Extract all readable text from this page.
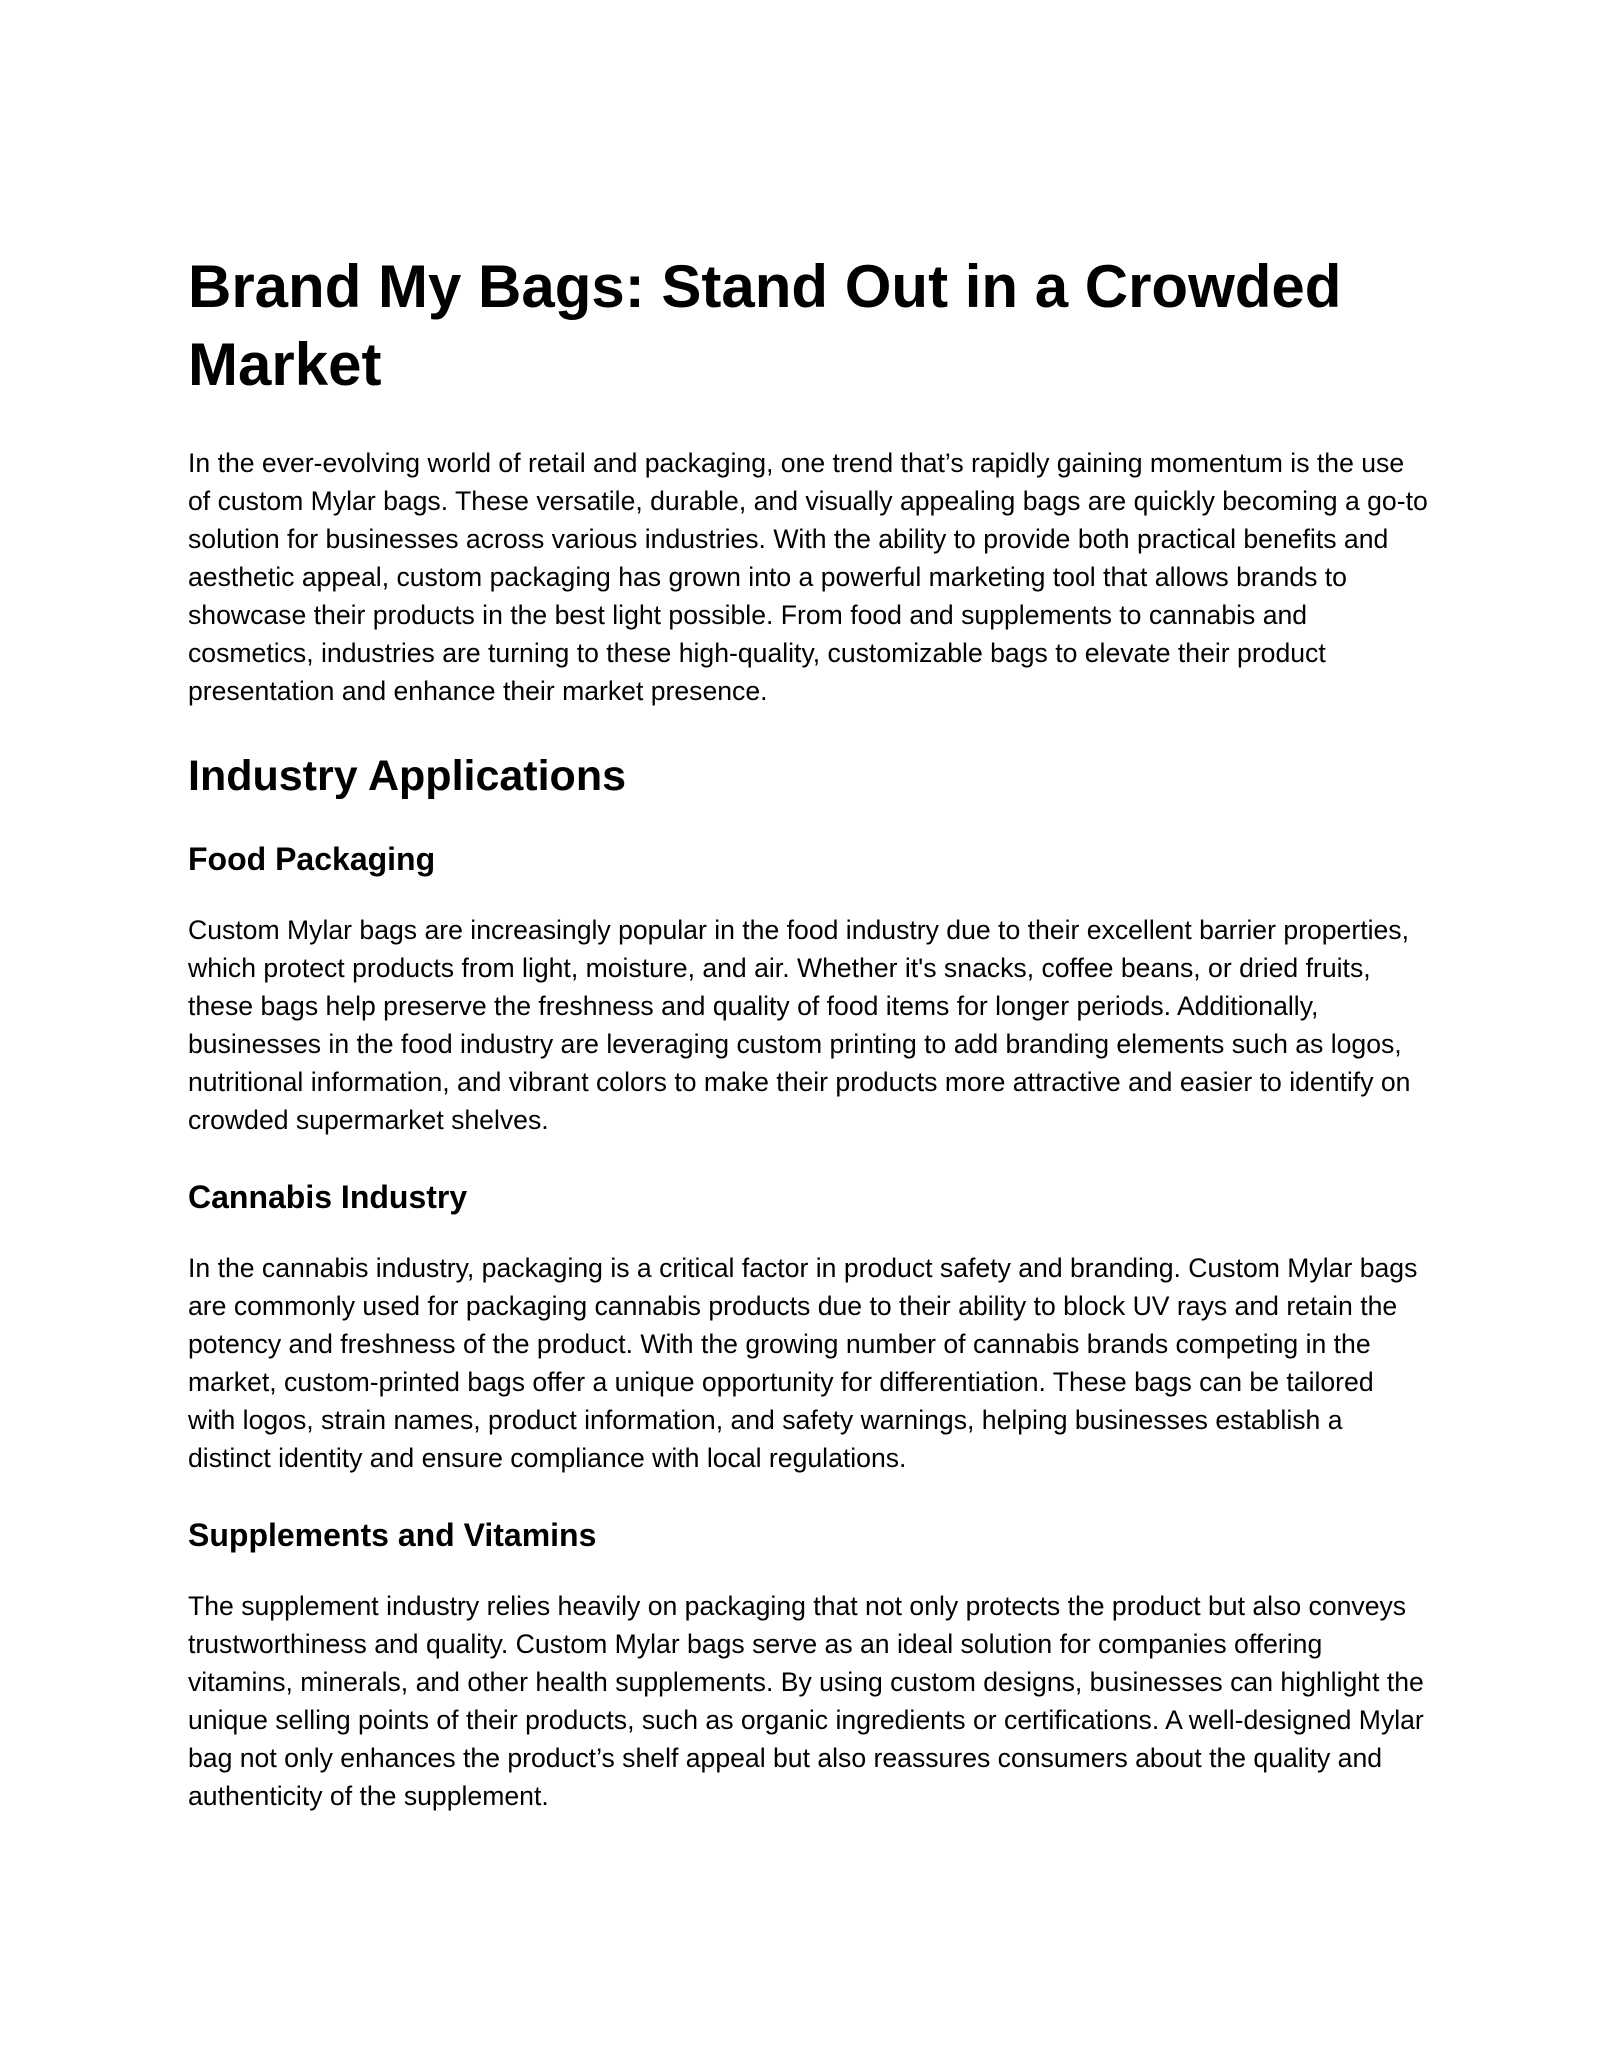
Brand My Bags: Stand Out in a Crowded Market

In the ever-evolving world of retail and packaging, one trend that’s rapidly gaining momentum is the use of custom Mylar bags. These versatile, durable, and visually appealing bags are quickly becoming a go-to solution for businesses across various industries. With the ability to provide both practical benefits and aesthetic appeal, custom packaging has grown into a powerful marketing tool that allows brands to showcase their products in the best light possible. From food and supplements to cannabis and cosmetics, industries are turning to these high-quality, customizable bags to elevate their product presentation and enhance their market presence.

Industry Applications
Food Packaging

Custom Mylar bags are increasingly popular in the food industry due to their excellent barrier properties, which protect products from light, moisture, and air. Whether it's snacks, coffee beans, or dried fruits, these bags help preserve the freshness and quality of food items for longer periods. Additionally, businesses in the food industry are leveraging custom printing to add branding elements such as logos, nutritional information, and vibrant colors to make their products more attractive and easier to identify on crowded supermarket shelves.

Cannabis Industry

In the cannabis industry, packaging is a critical factor in product safety and branding. Custom Mylar bags are commonly used for packaging cannabis products due to their ability to block UV rays and retain the potency and freshness of the product. With the growing number of cannabis brands competing in the market, custom-printed bags offer a unique opportunity for differentiation. These bags can be tailored with logos, strain names, product information, and safety warnings, helping businesses establish a distinct identity and ensure compliance with local regulations.

Supplements and Vitamins

The supplement industry relies heavily on packaging that not only protects the product but also conveys trustworthiness and quality. Custom Mylar bags serve as an ideal solution for companies offering vitamins, minerals, and other health supplements. By using custom designs, businesses can highlight the unique selling points of their products, such as organic ingredients or certifications. A well-designed Mylar bag not only enhances the product’s shelf appeal but also reassures consumers about the quality and authenticity of the supplement.
